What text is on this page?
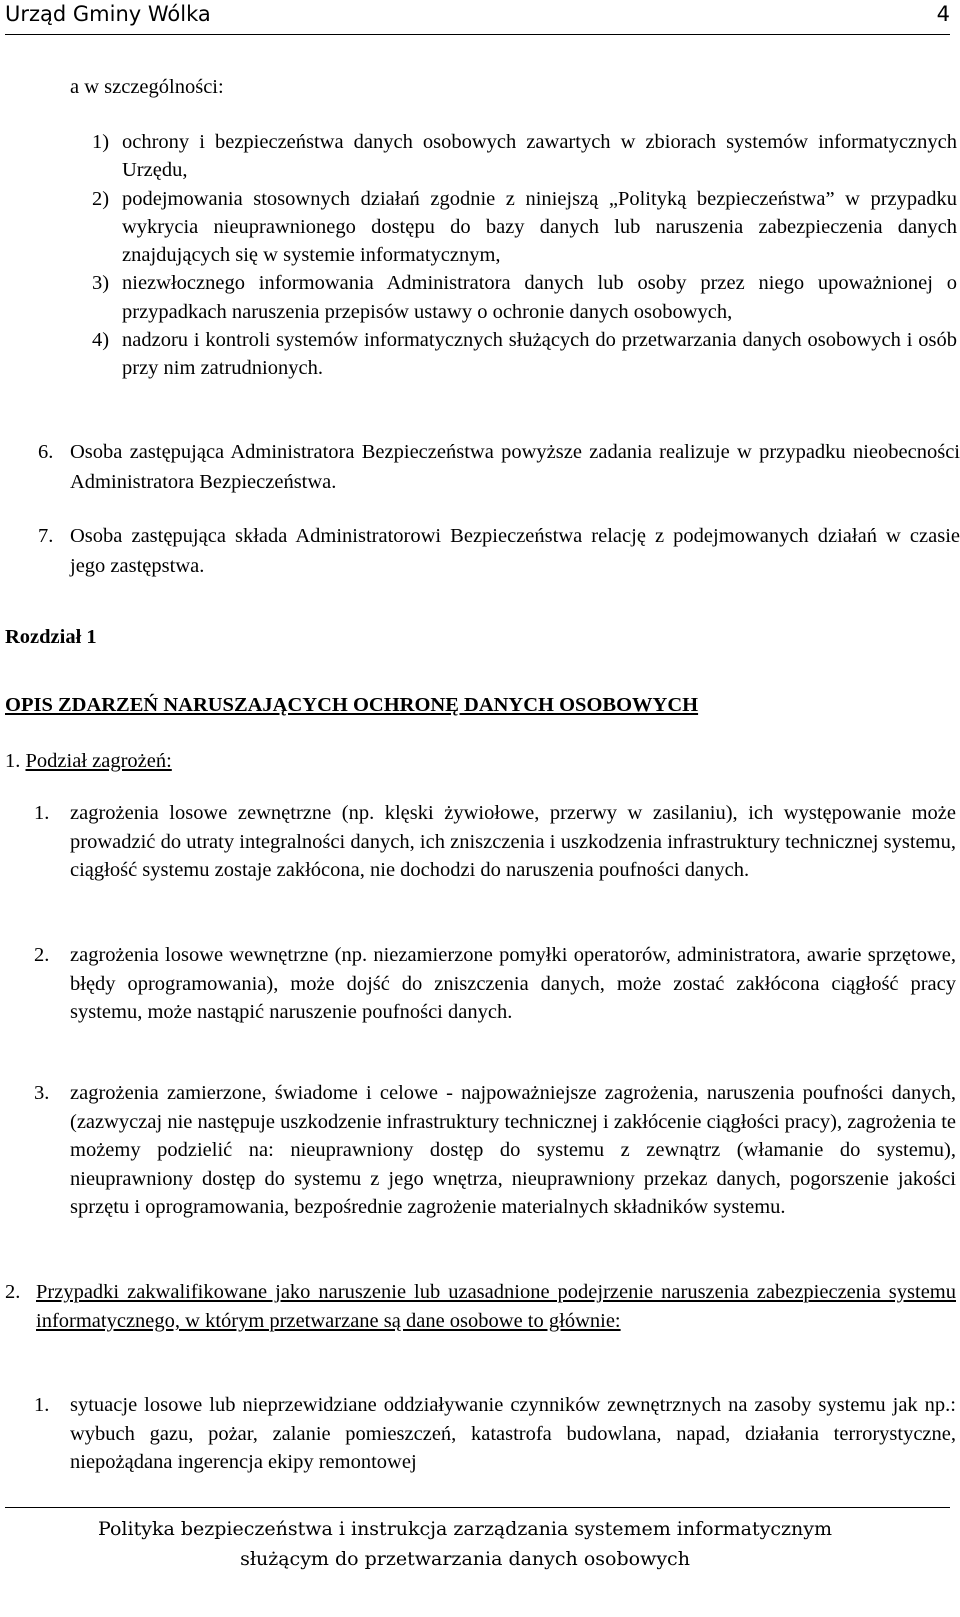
Urząd Gminy Wólka	4
a w szczególności:
1) ochrony i bezpieczeństwa danych osobowych zawartych w zbiorach systemów informatycznych Urzędu,
2) podejmowania stosownych działań zgodnie z niniejszą „Polityką bezpieczeństwa” w przypadku wykrycia nieuprawnionego dostępu do bazy danych lub naruszenia zabezpieczenia danych znajdujących się w systemie informatycznym,
3) niezwłocznego informowania Administratora danych lub osoby przez niego upoważnionej o przypadkach naruszenia przepisów ustawy o ochronie danych osobowych,
4) nadzoru i kontroli systemów informatycznych służących do przetwarzania danych osobowych i osób przy nim zatrudnionych.
6. Osoba zastępująca Administratora Bezpieczeństwa powyższe zadania realizuje w przypadku nieobecności Administratora Bezpieczeństwa.
7. Osoba zastępująca składa Administratorowi Bezpieczeństwa relację z podejmowanych działań w czasie jego zastępstwa.
Rozdział 1
OPIS ZDARZEŃ NARUSZAJĄCYCH OCHRONĘ DANYCH OSOBOWYCH
1. Podział zagrożeń:
1. zagrożenia losowe zewnętrzne (np. klęski żywiołowe, przerwy w zasilaniu), ich występowanie może prowadzić do utraty integralności danych, ich zniszczenia i uszkodzenia infrastruktury technicznej systemu, ciągłość systemu zostaje zakłócona, nie dochodzi do naruszenia poufności danych.
2. zagrożenia losowe wewnętrzne (np. niezamierzone pomyłki operatorów, administratora, awarie sprzętowe, błędy oprogramowania), może dojść do zniszczenia danych, może zostać zakłócona ciągłość pracy systemu, może nastąpić naruszenie poufności danych.
3. zagrożenia zamierzone, świadome i celowe - najpoważniejsze zagrożenia, naruszenia poufności danych, (zazwyczaj nie następuje uszkodzenie infrastruktury technicznej i zakłócenie ciągłości pracy), zagrożenia te możemy podzielić na: nieuprawniony dostęp do systemu z zewnątrz (włamanie do systemu), nieuprawniony dostęp do systemu z jego wnętrza, nieuprawniony przekaz danych, pogorszenie jakości sprzętu i oprogramowania, bezpośrednie zagrożenie materialnych składników systemu.
2. Przypadki zakwalifikowane jako naruszenie lub uzasadnione podejrzenie naruszenia zabezpieczenia systemu informatycznego, w którym przetwarzane są dane osobowe to głównie:
1. sytuacje losowe lub nieprzewidziane oddziaływanie czynników zewnętrznych na zasoby systemu jak np.: wybuch gazu, pożar, zalanie pomieszczeń, katastrofa budowlana, napad, działania terrorystyczne, niepożądana ingerencja ekipy remontowej
Polityka bezpieczeństwa i instrukcja zarządzania systemem informatycznym
służącym do przetwarzania danych osobowych
